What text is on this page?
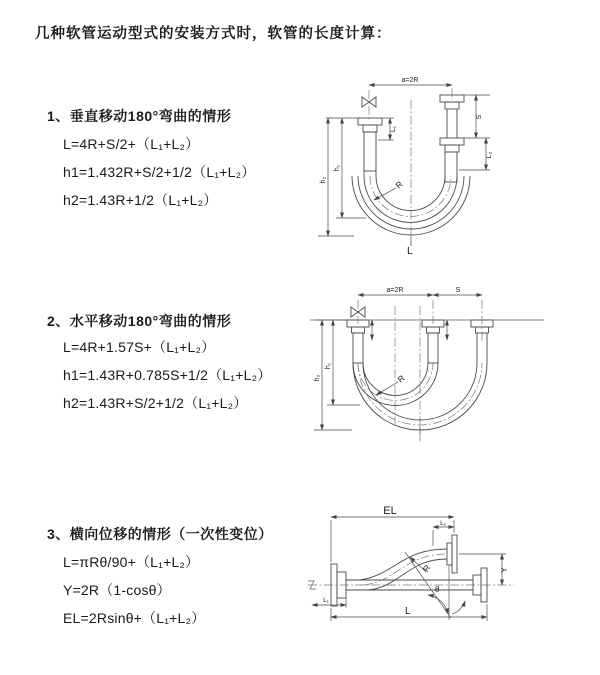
几种软管运动型式的安装方式时，软管的长度计算：
1、垂直移动180°弯曲的情形
L=4R+S/2+（L₁+L₂）
h1=1.432R+S/2+1/2（L₁+L₂）
h2=1.43R+1/2（L₁+L₂）
2、水平移动180°弯曲的情形
L=4R+1.57S+（L₁+L₂）
h1=1.43R+0.785S+1/2（L₁+L₂）
h2=1.43R+S/2+1/2（L₁+L₂）
3、横向位移的情形（一次性变位）
L=πRθ/90+（L₁+L₂）
Y=2R（1-cosθ）
EL=2Rsinθ+（L₁+L₂）
a=2R
h₂
h₁
L₁
S
L₂
R
L
a=2R	S
h₂
h₁
R
θ
R
EL
L₁
Y
L
L₁
